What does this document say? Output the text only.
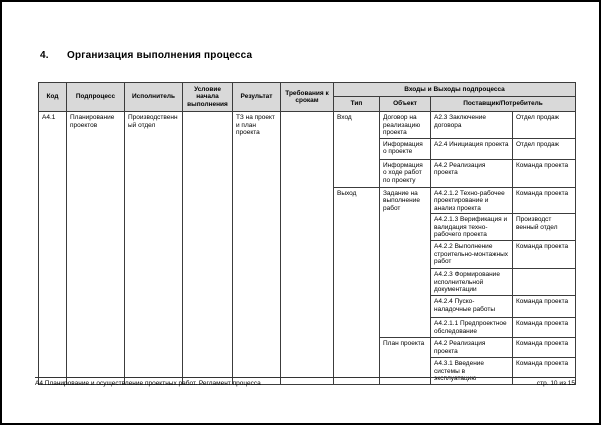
4. Организация выполнения процесса
Код	Подпроцесс	Исполнитель	Условие начала выполнения	Результат	Требования к срокам	Входы и Выходы подпроцесса			
						Тип	Объект	Поставщик/Потребитель	
А4.1	Планирование проектов	Производственный отдел		ТЗ на проект и план проекта		Вход	Договор на реализацию проекта	А2.3 Заключение договора	Отдел продаж
							Информация о проекте	А2.4 Инициация проекта	Отдел продаж
							Информация о ходе работ по проекту	А4.2 Реализация проекта	Команда проекта
						Выход	Задание на выполнение работ	А4.2.1.2 Техно-рабочее проектирование и анализ проекта	Команда проекта
								А4.2.1.3 Верификация и валидация техно-рабочего проекта	Производст венный отдел
								А4.2.2 Выполнение строительно-монтажных работ	Команда проекта
								А4.2.3 Формирование исполнительной документации	
								А4.2.4 Пуско-наладочные работы	Команда проекта
								А4.2.1.1 Предпроектное обследование	Команда проекта
							План проекта	А4.2 Реализация проекта	Команда проекта
								А4.3.1 Введение системы в эксплуатацию	Команда проекта
А4 Планирование и осуществление проектных работ. Регламент процесса	стр. 10 из 15
